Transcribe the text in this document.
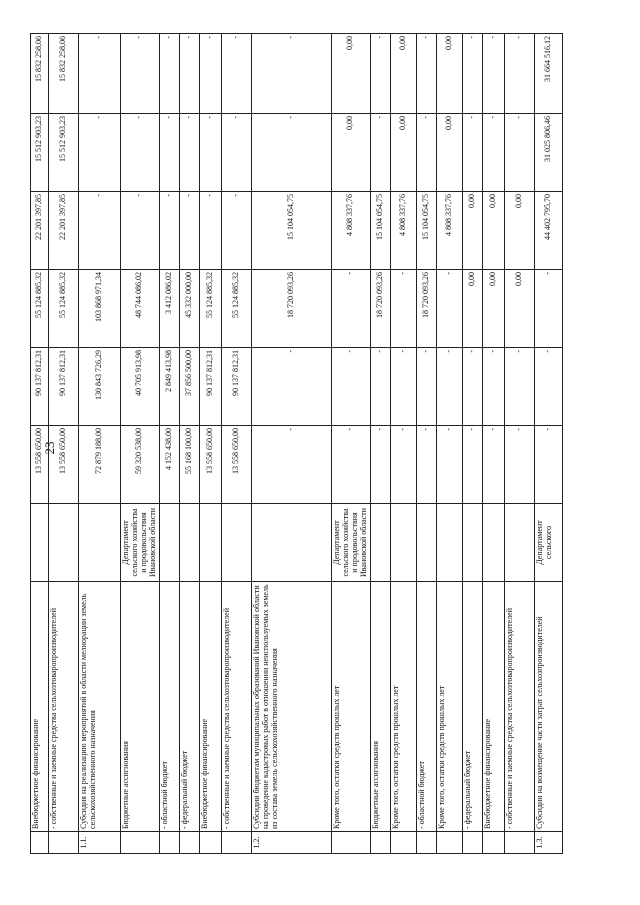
23
	Внебюджетное финансирование		13 558 650,00	90 137 812,31	55 124 885,32	22 201 397,85	15 512 903,23	15 832 258,06
	- собственные и заемные средства сельхозтоваропроизводителей		13 558 650,00	90 137 812,31	55 124 885,32	22 201 397,85	15 512 903,23	15 832 258,06
1.1.	Субсидия на реализацию мероприятий в области мелиорации земель сельскохозяйственного назначения		72 879 188,00	130 843 726,29	103 868 971,34	-	-	-
	Бюджетные ассигнования	Департамент сельского хозяйства и продовольствия Ивановской области	59 320 538,00	40 705 913,98	48 744 086,02	-	-	-
	- областной бюджет		4 152 438,00	2 849 413,98	3 412 086,02	-	-	-
	- федеральный бюджет		55 168 100,00	37 856 500,00	45 332 000,00	-	-	-
	Внебюджетное финансирование		13 558 650,00	90 137 812,31	55 124 885,32	-	-	-
	- собственные и заемные средства сельхозтоваропроизводителей		13 558 650,00	90 137 812,31	55 124 885,32	-	-	-
1.2.	Субсидии бюджетам муниципальных образований Ивановской области на проведение кадастровых работ в отношении неиспользуемых земель из состава земель сельскохозяйственного назначения		-	-	18 720 093,26	15 104 054,75	-	-
	Кроме того, остатки средств прошлых лет	Департамент сельского хозяйства и продовольствия Ивановской области	-	-	-	4 808 337,76	0,00	0,00
	Бюджетные ассигнования		-	-	18 720 093,26	15 104 054,75	-	-
	Кроме того, остатки средств прошлых лет		-	-	-	4 808 337,76	0,00	0,00
	- областной бюджет		-	-	18 720 093,26	15 104 054,75	-	-
	Кроме того, остатки средств прошлых лет		-	-	-	4 808 337,76	0,00	0,00
	- федеральный бюджет		-	-	0,00	0,00	-	-
	Внебюджетное финансирование		-	-	0,00	0,00	-	-
	- собственные и заемные средства сельхозтоваропроизводителей		-	-	0,00	0,00	-	-
1.3.	Субсидии на возмещение части затрат сельхозпроизводителей	Департамент сельского	-	-	-	44 402 795,70	31 025 806,46	31 664 516,12
